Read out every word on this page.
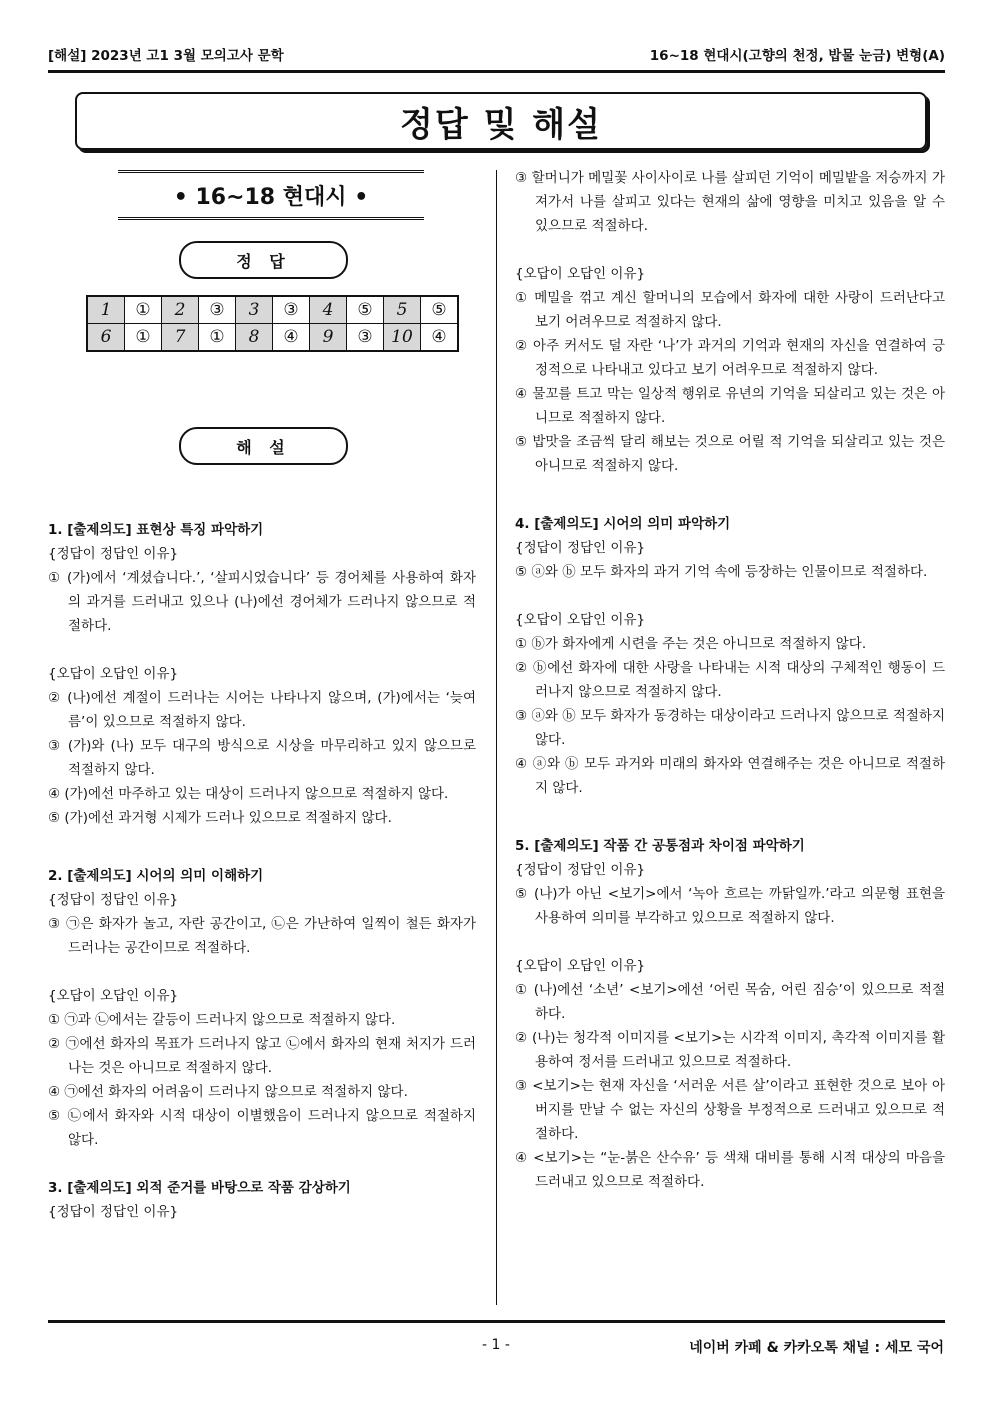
[해설] 2023년 고1 3월 모의고사 문학	16~18 현대시(고향의 천정, 밥물 눈금) 변형(A)
정답 및 해설
• 16~18 현대시 •
정 답
1	①	2	③	3	③	4	⑤	5	⑤
6	①	7	①	8	④	9	③	10	④
해 설

1. [출제의도] 표현상 특징 파악하기

{정답이 정답인 이유}

① (가)에서 ‘계셨습니다.’, ‘살피시었습니다’ 등 경어체를 사용하여 화자의 과거를 드러내고 있으나 (나)에선 경어체가 드러나지 않으므로 적절하다.

{오답이 오답인 이유}

② (나)에선 계절이 드러나는 시어는 나타나지 않으며, (가)에서는 ‘늦여름’이 있으므로 적절하지 않다.

③ (가)와 (나) 모두 대구의 방식으로 시상을 마무리하고 있지 않으므로 적절하지 않다.

④ (가)에선 마주하고 있는 대상이 드러나지 않으므로 적절하지 않다.

⑤ (가)에선 과거형 시제가 드러나 있으므로 적절하지 않다.

2. [출제의도] 시어의 의미 이해하기

{정답이 정답인 이유}

③ ㉠은 화자가 놀고, 자란 공간이고, ㉡은 가난하여 일찍이 철든 화자가 드러나는 공간이므로 적절하다.

{오답이 오답인 이유}

① ㉠과 ㉡에서는 갈등이 드러나지 않으므로 적절하지 않다.

② ㉠에선 화자의 목표가 드러나지 않고 ㉡에서 화자의 현재 처지가 드러나는 것은 아니므로 적절하지 않다.

④ ㉠에선 화자의 어려움이 드러나지 않으므로 적절하지 않다.

⑤ ㉡에서 화자와 시적 대상이 이별했음이 드러나지 않으므로 적절하지 않다.

3. [출제의도] 외적 준거를 바탕으로 작품 감상하기

{정답이 정답인 이유}

③ 할머니가 메밀꽃 사이사이로 나를 살피던 기억이 메밀밭을 저승까지 가져가서 나를 살피고 있다는 현재의 삶에 영향을 미치고 있음을 알 수 있으므로 적절하다.

{오답이 오답인 이유}

① 메밀을 꺾고 계신 할머니의 모습에서 화자에 대한 사랑이 드러난다고 보기 어려우므로 적절하지 않다.

② 아주 커서도 덜 자란 ‘나’가 과거의 기억과 현재의 자신을 연결하여 긍정적으로 나타내고 있다고 보기 어려우므로 적절하지 않다.

④ 물꼬를 트고 막는 일상적 행위로 유년의 기억을 되살리고 있는 것은 아니므로 적절하지 않다.

⑤ 밥맛을 조금씩 달리 해보는 것으로 어릴 적 기억을 되살리고 있는 것은 아니므로 적절하지 않다.

4. [출제의도] 시어의 의미 파악하기

{정답이 정답인 이유}

⑤ ⓐ와 ⓑ 모두 화자의 과거 기억 속에 등장하는 인물이므로 적절하다.

{오답이 오답인 이유}

① ⓑ가 화자에게 시련을 주는 것은 아니므로 적절하지 않다.

② ⓑ에선 화자에 대한 사랑을 나타내는 시적 대상의 구체적인 행동이 드러나지 않으므로 적절하지 않다.

③ ⓐ와 ⓑ 모두 화자가 동경하는 대상이라고 드러나지 않으므로 적절하지 않다.

④ ⓐ와 ⓑ 모두 과거와 미래의 화자와 연결해주는 것은 아니므로 적절하지 않다.

5. [출제의도] 작품 간 공통점과 차이점 파악하기

{정답이 정답인 이유}

⑤ (나)가 아닌 <보기>에서 ‘녹아 흐르는 까닭일까.’라고 의문형 표현을 사용하여 의미를 부각하고 있으므로 적절하지 않다.

{오답이 오답인 이유}

① (나)에선 ‘소년’ <보기>에선 ‘어린 목숨, 어린 짐승’이 있으므로 적절하다.

② (나)는 청각적 이미지를 <보기>는 시각적 이미지, 촉각적 이미지를 활용하여 정서를 드러내고 있으므로 적절하다.

③ <보기>는 현재 자신을 ‘서러운 서른 살’이라고 표현한 것으로 보아 아버지를 만날 수 없는 자신의 상황을 부정적으로 드러내고 있으므로 적절하다.

④ <보기>는 “눈-붉은 산수유’ 등 색채 대비를 통해 시적 대상의 마음을 드러내고 있으므로 적절하다.

- 1 -	네이버 카페 & 카카오톡 채널 : 세모 국어
